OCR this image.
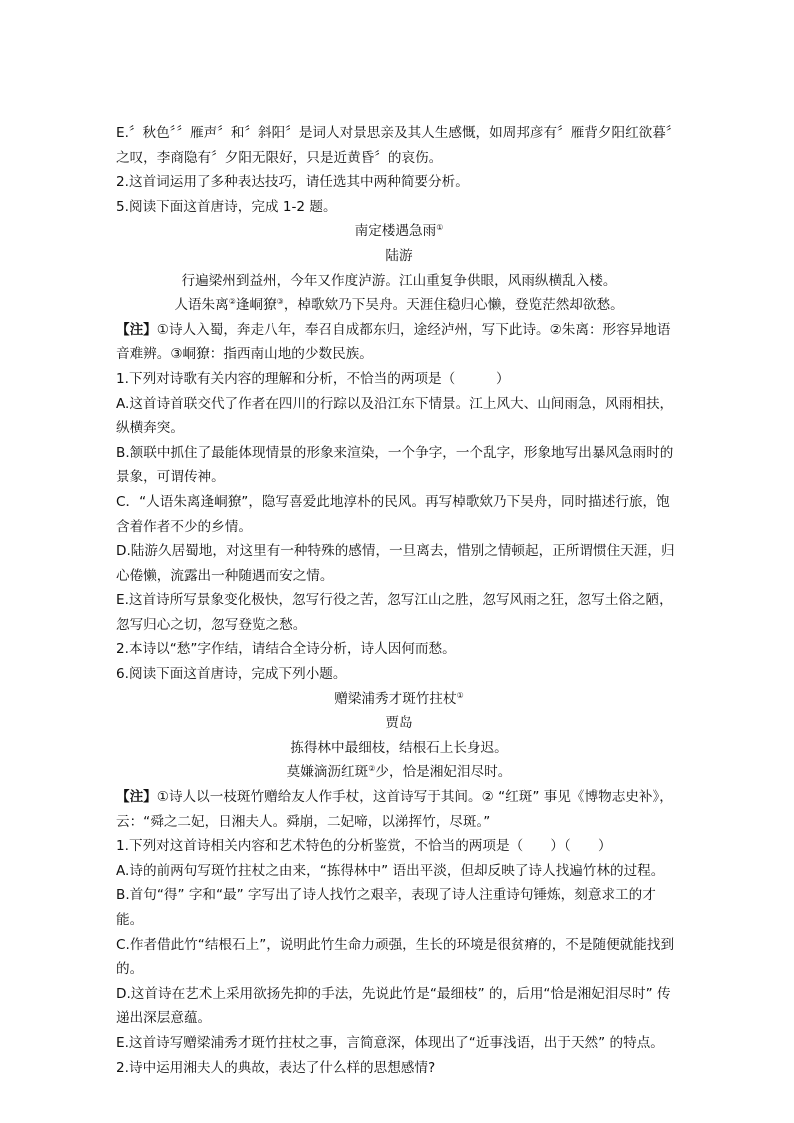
E.〞秋色〞〞雁声〞和〞斜阳〞是词人对景思亲及其人生感慨，如周邦彦有〞雁背夕阳红欲暮〞之叹，李商隐有〞夕阳无限好，只是近黄昏〞的哀伤。

2.这首词运用了多种表达技巧，请任选其中两种简要分析。

5.阅读下面这首唐诗，完成 1-2 题。

南定楼遇急雨①

陆游

行遍梁州到益州，今年又作度泸游。江山重复争供眼，风雨纵横乱入楼。

人语朱离②逢峒獠③，棹歌欸乃下吴舟。天涯住稳归心懒，登览茫然却欲愁。

【注】①诗人入蜀，奔走八年，奉召自成都东归，途经泸州，写下此诗。②朱离：形容异地语音难辨。③峒獠：指西南山地的少数民族。

1.下列对诗歌有关内容的理解和分析，不恰当的两项是（　　　）

A.这首诗首联交代了作者在四川的行踪以及沿江东下情景。江上风大、山间雨急，风雨相扶，纵横奔突。

B.颔联中抓住了最能体现情景的形象来渲染，一个争字，一个乱字，形象地写出暴风急雨时的景象，可谓传神。

C．“人语朱离逢峒獠”，隐写喜爱此地淳朴的民风。再写棹歌欸乃下吴舟，同时描述行旅，饱含着作者不少的乡情。

D.陆游久居蜀地，对这里有一种特殊的感情，一旦离去，惜别之情顿起，正所谓惯住天涯，归心倦懒，流露出一种随遇而安之情。

E.这首诗所写景象变化极快，忽写行役之苦，忽写江山之胜，忽写风雨之狂，忽写土俗之陋，忽写归心之切，忽写登览之愁。

2.本诗以“愁”字作结，请结合全诗分析，诗人因何而愁。

6.阅读下面这首唐诗，完成下列小题。

赠梁浦秀才斑竹拄杖①

贾岛

拣得林中最细枝，结根石上长身迟。

莫嫌滴沥红斑②少，恰是湘妃泪尽时。

【注】①诗人以一枝斑竹赠给友人作手杖，这首诗写于其间。② “红斑” 事见《博物志史补》，云：“舜之二妃，日湘夫人。舜崩，二妃啼，以涕挥竹，尽斑。”

1.下列对这首诗相关内容和艺术特色的分析鉴赏，不恰当的两项是（　　）（　　）

A.诗的前两句写斑竹拄杖之由来，“拣得林中” 语出平淡，但却反映了诗人找遍竹林的过程。

B.首句“得” 字和“最” 字写出了诗人找竹之艰辛，表现了诗人注重诗句锤炼，刻意求工的才能。

C.作者借此竹“结根石上”，说明此竹生命力顽强，生长的环境是很贫瘠的，不是随便就能找到的。

D.这首诗在艺术上采用欲扬先抑的手法，先说此竹是“最细枝” 的，后用“恰是湘妃泪尽时” 传递出深层意蕴。

E.这首诗写赠梁浦秀才斑竹拄杖之事，言简意深，体现出了“近事浅语，出于天然” 的特点。

2.诗中运用湘夫人的典故，表达了什么样的思想感情?
